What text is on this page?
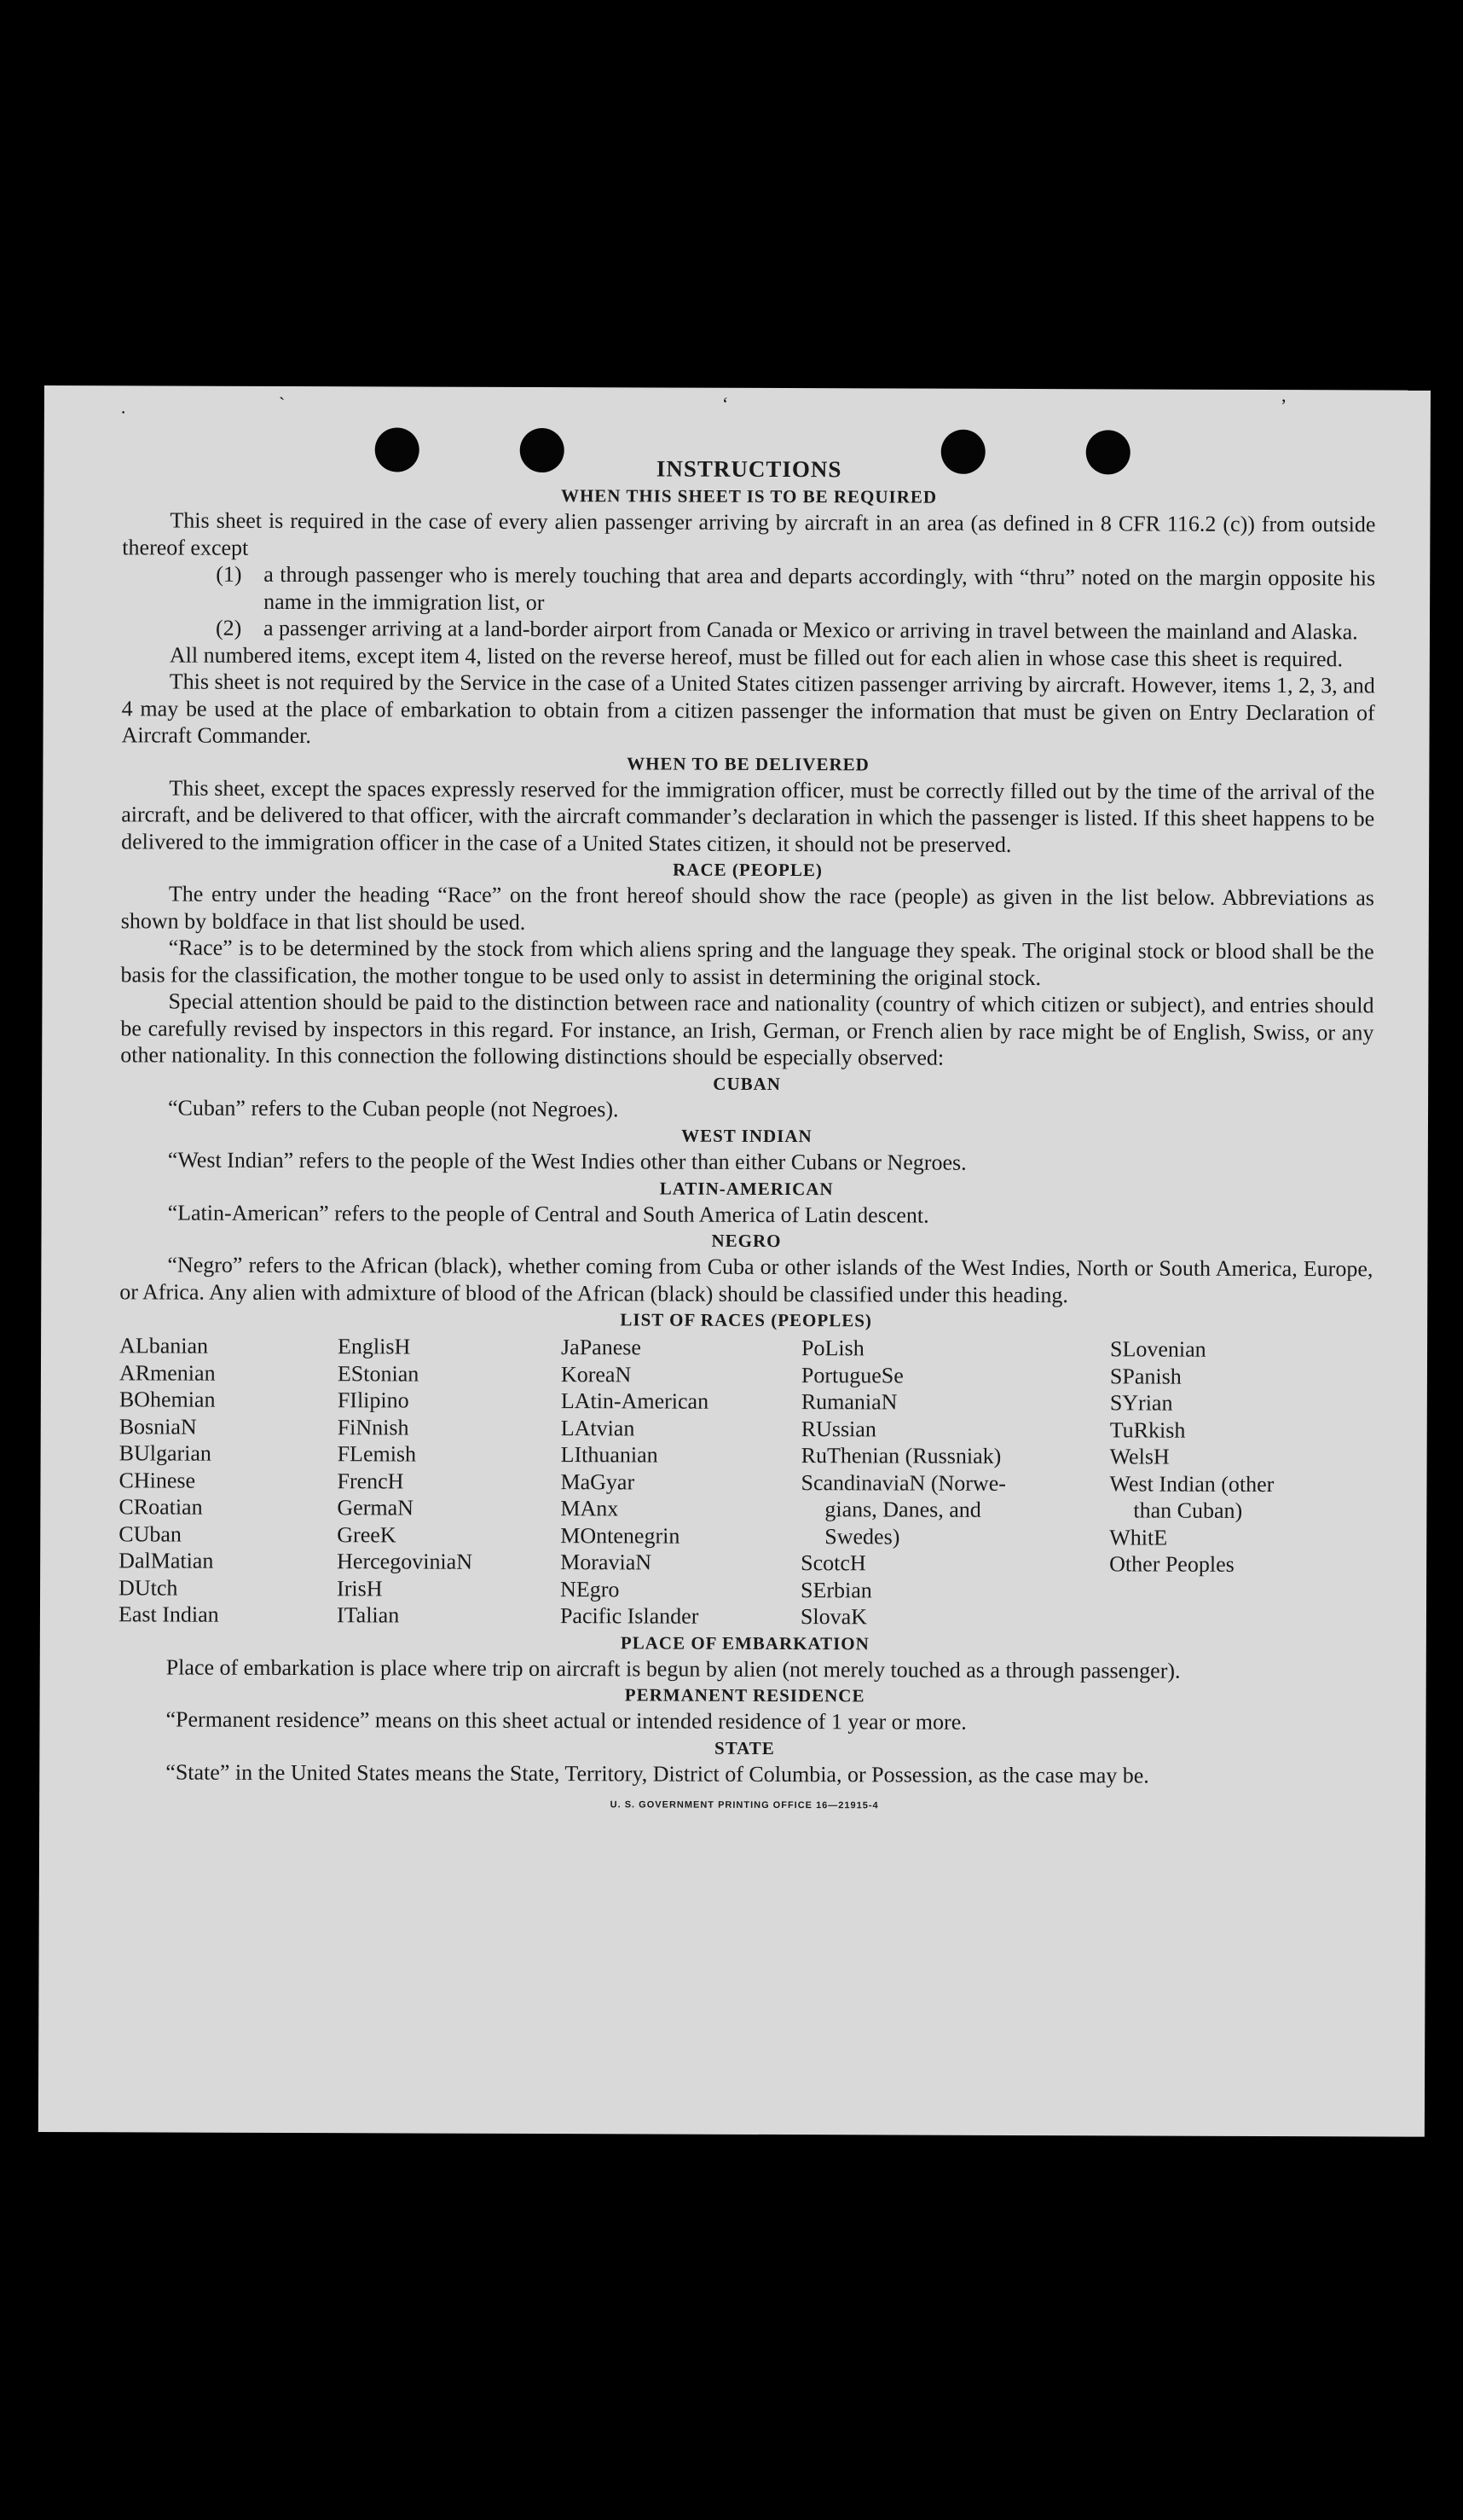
.	`	‘	’
INSTRUCTIONS
WHEN THIS SHEET IS TO BE REQUIRED

This sheet is required in the case of every alien passenger arriving by aircraft in an area (as defined in 8 CFR 116.2 (c)) from outside thereof except

(1) a through passenger who is merely touching that area and departs accordingly, with “thru” noted on the margin opposite his name in the immigration list, or
(2) a passenger arriving at a land-border airport from Canada or Mexico or arriving in travel between the mainland and Alaska.

All numbered items, except item 4, listed on the reverse hereof, must be filled out for each alien in whose case this sheet is required.

This sheet is not required by the Service in the case of a United States citizen passenger arriving by aircraft. However, items 1, 2, 3, and 4 may be used at the place of embarkation to obtain from a citizen passenger the information that must be given on Entry Declaration of Aircraft Commander.

WHEN TO BE DELIVERED

This sheet, except the spaces expressly reserved for the immigration officer, must be correctly filled out by the time of the arrival of the aircraft, and be delivered to that officer, with the aircraft commander’s declaration in which the passenger is listed. If this sheet happens to be delivered to the immigration officer in the case of a United States citizen, it should not be preserved.

RACE (PEOPLE)

The entry under the heading “Race” on the front hereof should show the race (people) as given in the list below. Abbreviations as shown by boldface in that list should be used.

“Race” is to be determined by the stock from which aliens spring and the language they speak. The original stock or blood shall be the basis for the classification, the mother tongue to be used only to assist in determining the original stock.

Special attention should be paid to the distinction between race and nationality (country of which citizen or subject), and entries should be carefully revised by inspectors in this regard. For instance, an Irish, German, or French alien by race might be of English, Swiss, or any other nationality. In this connection the following distinctions should be especially observed:

CUBAN

“Cuban” refers to the Cuban people (not Negroes).

WEST INDIAN

“West Indian” refers to the people of the West Indies other than either Cubans or Negroes.

LATIN-AMERICAN

“Latin-American” refers to the people of Central and South America of Latin descent.

NEGRO

“Negro” refers to the African (black), whether coming from Cuba or other islands of the West Indies, North or South America, Europe, or Africa. Any alien with admixture of blood of the African (black) should be classified under this heading.

LIST OF RACES (PEOPLES)
ALbanian
ARmenian
BOhemian
BosniaN
BUlgarian
CHinese
CRoatian
CUban
DalMatian
DUtch
East Indian
EnglisH
EStonian
FIlipino
FiNnish
FLemish
FrencH
GermaN
GreeK
HercegoviniaN
IrisH
ITalian
JaPanese
KoreaN
LAtin-American
LAtvian
LIthuanian
MaGyar
MAnx
MOntenegrin
MoraviaN
NEgro
Pacific Islander
PoLish
PortugueSe
RumaniaN
RUssian
RuThenian (Russniak)
ScandinaviaN (Norwe-
gians, Danes, and
Swedes)
ScotcH
SErbian
SlovaK
SLovenian
SPanish
SYrian
TuRkish
WelsH
West Indian (other
than Cuban)
WhitE
Other Peoples
PLACE OF EMBARKATION

Place of embarkation is place where trip on aircraft is begun by alien (not merely touched as a through passenger).

PERMANENT RESIDENCE

“Permanent residence” means on this sheet actual or intended residence of 1 year or more.

STATE

“State” in the United States means the State, Territory, District of Columbia, or Possession, as the case may be.

U. S. GOVERNMENT PRINTING OFFICE 16—21915-4
